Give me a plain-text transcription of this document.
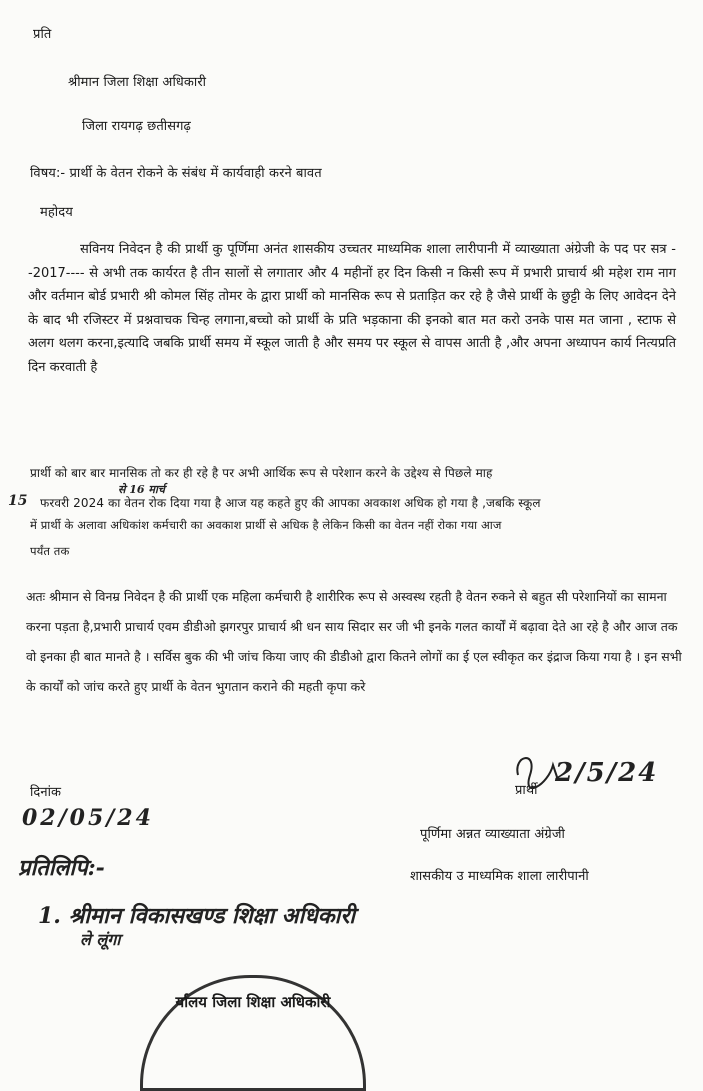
प्रति
श्रीमान जिला शिक्षा अधिकारी
जिला रायगढ़ छतीसगढ़
विषय:- प्रार्थी के वेतन रोकने के संबंध में कार्यवाही करने बावत
महोदय
सविनय निवेदन है की प्रार्थी कु पूर्णिमा अनंत शासकीय उच्चतर माध्यमिक शाला लारीपानी में व्याख्याता अंग्रेजी के पद पर सत्र --2017---- से अभी तक कार्यरत है तीन सालों से लगातार और 4 महीनों हर दिन किसी न किसी रूप में प्रभारी प्राचार्य श्री महेश राम नाग और वर्तमान बोर्ड प्रभारी श्री कोमल सिंह तोमर के द्वारा प्रार्थी को मानसिक रूप से प्रताड़ित कर रहे है जैसे प्रार्थी के छुट्टी के लिए आवेदन देने के बाद भी रजिस्टर में प्रश्नवाचक चिन्ह लगाना,बच्चो को प्रार्थी के प्रति भड़काना की इनको बात मत करो उनके पास मत जाना , स्टाफ से अलग थलग करना,इत्यादि जबकि प्रार्थी समय में स्कूल जाती है और समय पर स्कूल से वापस आती है ,और अपना अध्यापन कार्य नित्यप्रति दिन करवाती है
प्रार्थी को बार बार मानसिक तो कर ही रहे है पर अभी आर्थिक रूप से परेशान करने के उद्देश्य से पिछले माह
फरवरी 2024 का वेतन रोक दिया गया है आज यह कहते हुए की आपका अवकाश अधिक हो गया है ,जबकि स्कूल
में प्रार्थी के अलावा अधिकांश कर्मचारी का अवकाश प्रार्थी से अधिक है लेकिन किसी का वेतन नहीं रोका गया आज
पर्यंत तक
अतः श्रीमान से विनम्र निवेदन है की प्रार्थी एक महिला कर्मचारी है शारीरिक रूप से अस्वस्थ रहती है वेतन रुकने से बहुत सी परेशानियों का सामना करना पड़ता है,प्रभारी प्राचार्य एवम डीडीओ झगरपुर प्राचार्य श्री धन साय सिदार सर जी भी इनके गलत कार्यों में बढ़ावा देते आ रहे है और आज तक वो इनका ही बात मानते है । सर्विस बुक की भी जांच किया जाए की डीडीओ द्वारा कितने लोगों का ई एल स्वीकृत कर इंद्राज किया गया है । इन सभी के कार्यों को जांच करते हुए प्रार्थी के वेतन भुगतान कराने की महती कृपा करे
दिनांक	प्रार्थी
पूर्णिमा अन्नत व्याख्याता अंग्रेजी
शासकीय उ माध्यमिक शाला लारीपानी
15
से 16 मार्च
02/05/24
2/5/24
प्रतिलिपि:-
1. श्रीमान विकासखण्ड शिक्षा अधिकारी
ले लूंगा
र्यालय जिला शिक्षा अधिकारी
